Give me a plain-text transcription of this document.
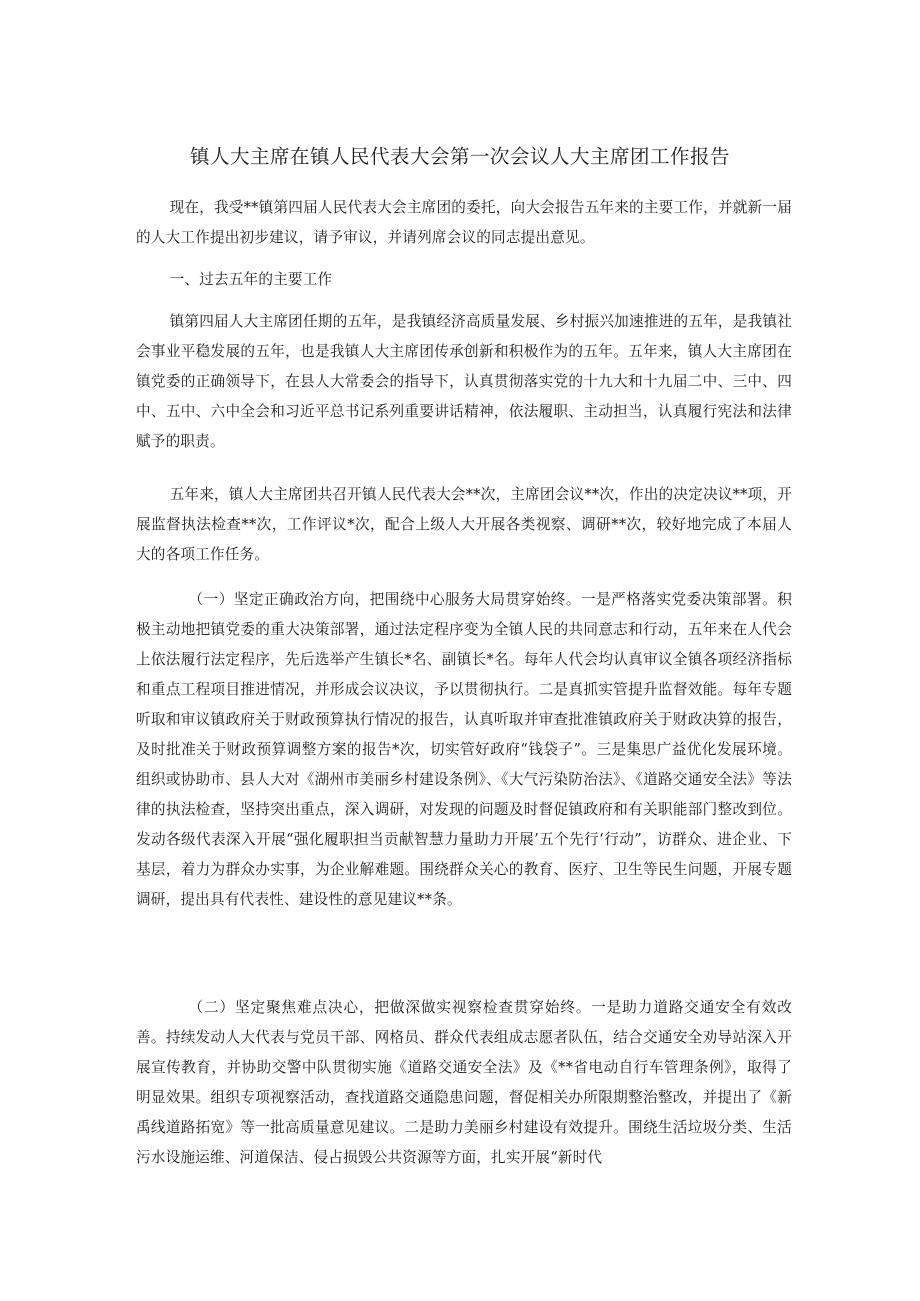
镇人大主席在镇人民代表大会第一次会议人大主席团工作报告

现在，我受**镇第四届人民代表大会主席团的委托，向大会报告五年来的主要工作，并就新一届的人大工作提出初步建议，请予审议，并请列席会议的同志提出意见。

一、过去五年的主要工作

镇第四届人大主席团任期的五年，是我镇经济高质量发展、乡村振兴加速推进的五年，是我镇社会事业平稳发展的五年，也是我镇人大主席团传承创新和积极作为的五年。五年来，镇人大主席团在镇党委的正确领导下，在县人大常委会的指导下，认真贯彻落实党的十九大和十九届二中、三中、四中、五中、六中全会和习近平总书记系列重要讲话精神，依法履职、主动担当，认真履行宪法和法律赋予的职责。

五年来，镇人大主席团共召开镇人民代表大会**次，主席团会议**次，作出的决定决议**项，开展监督执法检查**次，工作评议*次，配合上级人大开展各类视察、调研**次，较好地完成了本届人大的各项工作任务。

（一）坚定正确政治方向，把围绕中心服务大局贯穿始终。一是严格落实党委决策部署。积极主动地把镇党委的重大决策部署，通过法定程序变为全镇人民的共同意志和行动，五年来在人代会上依法履行法定程序，先后选举产生镇长*名、副镇长*名。每年人代会均认真审议全镇各项经济指标和重点工程项目推进情况，并形成会议决议，予以贯彻执行。二是真抓实管提升监督效能。每年专题听取和审议镇政府关于财政预算执行情况的报告，认真听取并审查批准镇政府关于财政决算的报告，及时批准关于财政预算调整方案的报告*次，切实管好政府“钱袋子”。三是集思广益优化发展环境。组织或协助市、县人大对《湖州市美丽乡村建设条例》、《大气污染防治法》、《道路交通安全法》等法律的执法检查，坚持突出重点，深入调研，对发现的问题及时督促镇政府和有关职能部门整改到位。发动各级代表深入开展“强化履职担当贡献智慧力量助力开展’五个先行‘行动”，访群众、进企业、下基层，着力为群众办实事，为企业解难题。围绕群众关心的教育、医疗、卫生等民生问题，开展专题调研，提出具有代表性、建设性的意见建议**条。

（二）坚定聚焦难点决心，把做深做实视察检查贯穿始终。一是助力道路交通安全有效改善。持续发动人大代表与党员干部、网格员、群众代表组成志愿者队伍，结合交通安全劝导站深入开展宣传教育，并协助交警中队贯彻实施《道路交通安全法》及《**省电动自行车管理条例》，取得了明显效果。组织专项视察活动，查找道路交通隐患问题，督促相关办所限期整治整改，并提出了《新禹线道路拓宽》等一批高质量意见建议。二是助力美丽乡村建设有效提升。围绕生活垃圾分类、生活污水设施运维、河道保洁、侵占损毁公共资源等方面，扎实开展“新时代
